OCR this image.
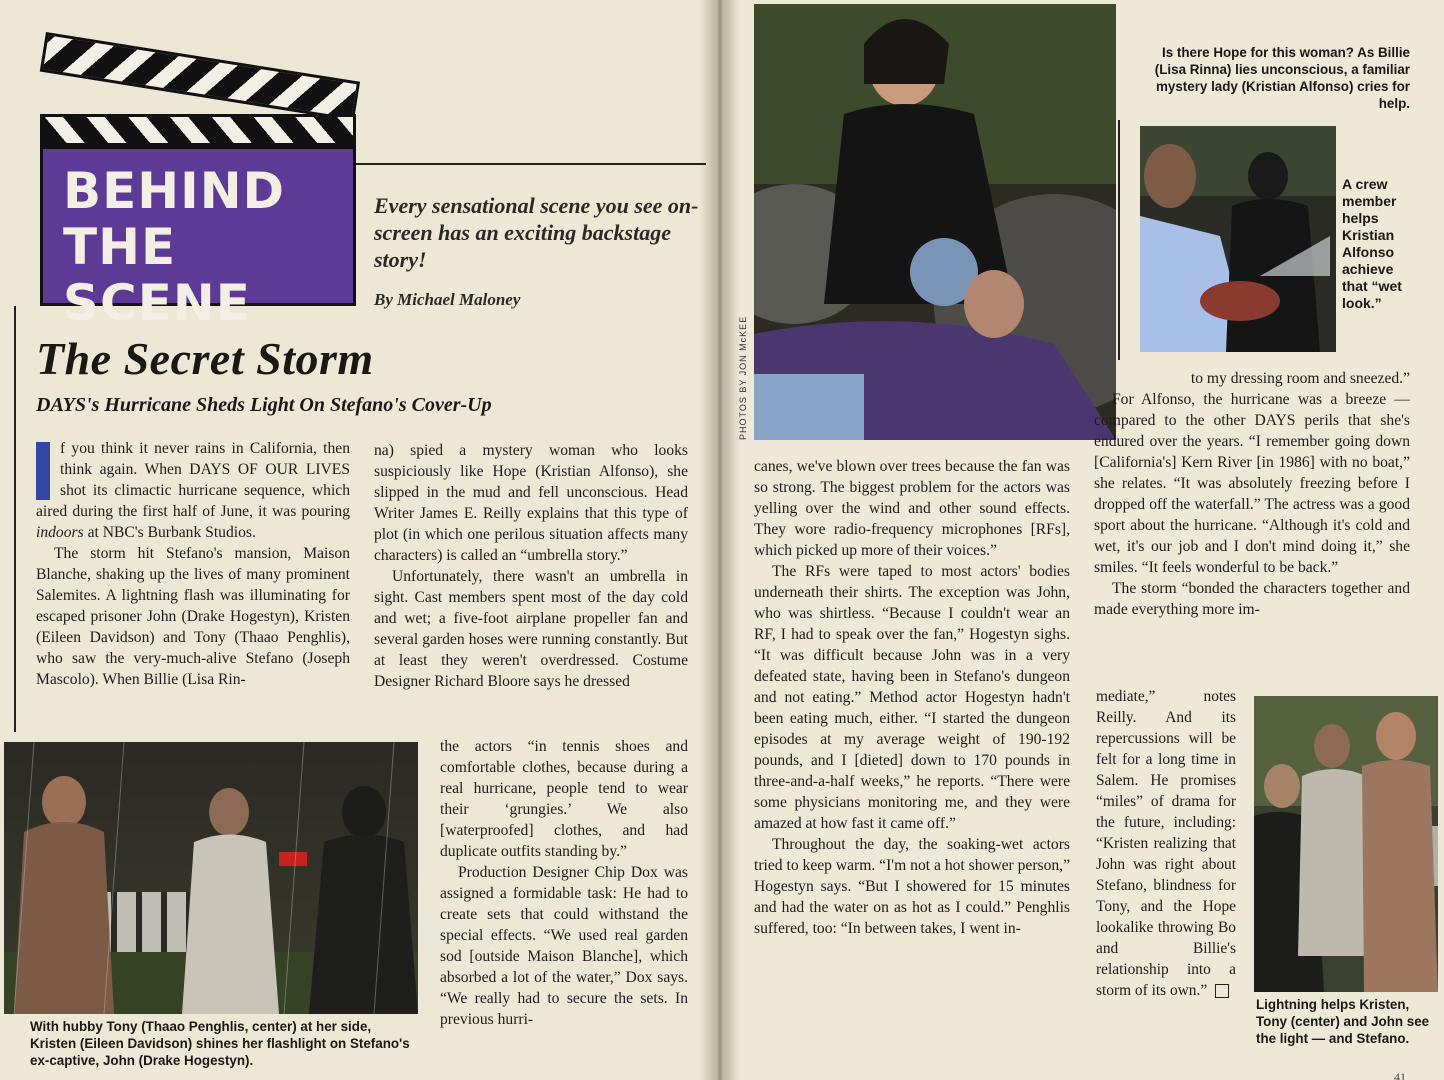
BEHIND
THE SCENE
Every sensational scene you see on-screen has an exciting backstage story!
By Michael Maloney
The Secret Storm
DAYS's Hurricane Sheds Light On Stefano's Cover-Up

f you think it never rains in California, then think again. When DAYS OF OUR LIVES shot its climactic hurricane sequence, which aired during the first half of June, it was pouring indoors at NBC's Burbank Studios.

The storm hit Stefano's mansion, Maison Blanche, shaking up the lives of many prominent Salemites. A lightning flash was illuminating for escaped prisoner John (Drake Hogestyn), Kristen (Eileen Davidson) and Tony (Thaao Penghlis), who saw the very-much-alive Stefano (Joseph Mascolo). When Billie (Lisa Rin-

na) spied a mystery woman who looks suspiciously like Hope (Kristian Alfonso), she slipped in the mud and fell unconscious. Head Writer James E. Reilly explains that this type of plot (in which one perilous situation affects many characters) is called an “umbrella story.”

Unfortunately, there wasn't an umbrella in sight. Cast members spent most of the day cold and wet; a five-foot airplane propeller fan and several garden hoses were running constantly. But at least they weren't overdressed. Costume Designer Richard Bloore says he dressed

the actors “in tennis shoes and comfortable clothes, because during a real hurricane, people tend to wear their ‘grungies.’ We also [waterproofed] clothes, and had duplicate outfits standing by.”

Production Designer Chip Dox was assigned a formidable task: He had to create sets that could withstand the special effects. “We used real garden sod [outside Maison Blanche], which absorbed a lot of the water,” Dox says. “We really had to secure the sets. In previous hurri-

With hubby Tony (Thaao Penghlis, center) at her side, Kristen (Eileen Davidson) shines her flashlight on Stefano's ex-captive, John (Drake Hogestyn).
PHOTOS BY JON McKEE
Is there Hope for this woman? As Billie (Lisa Rinna) lies unconscious, a familiar mystery lady (Kristian Alfonso) cries for help.
A crew member helps Kristian Alfonso achieve that “wet look.”

canes, we've blown over trees because the fan was so strong. The biggest problem for the actors was yelling over the wind and other sound effects. They wore radio-frequency microphones [RFs], which picked up more of their voices.”

The RFs were taped to most actors' bodies underneath their shirts. The exception was John, who was shirtless. “Because I couldn't wear an RF, I had to speak over the fan,” Hogestyn sighs. “It was difficult because John was in a very defeated state, having been in Stefano's dungeon and not eating.” Method actor Hogestyn hadn't been eating much, either. “I started the dungeon episodes at my average weight of 190-192 pounds, and I [dieted] down to 170 pounds in three-and-a-half weeks,” he reports. “There were some physicians monitoring me, and they were amazed at how fast it came off.”

Throughout the day, the soaking-wet actors tried to keep warm. “I'm not a hot shower person,” Hogestyn says. “But I showered for 15 minutes and had the water on as hot as I could.” Penghlis suffered, too: “In between takes, I went in-

to my dressing room and sneezed.”

For Alfonso, the hurricane was a breeze — compared to the other DAYS perils that she's endured over the years. “I remember going down [California's] Kern River [in 1986] with no boat,” she relates. “It was absolutely freezing before I dropped off the waterfall.” The actress was a good sport about the hurricane. “Although it's cold and wet, it's our job and I don't mind doing it,” she smiles. “It feels wonderful to be back.”

The storm “bonded the characters together and made everything more im-

mediate,” notes Reilly. And its repercussions will be felt for a long time in Salem. He promises “miles” of drama for the future, including: “Kristen realizing that John was right about Stefano, blindness for Tony, and the Hope lookalike throwing Bo and Billie's relationship into a storm of its own.”

Lightning helps Kristen, Tony (center) and John see the light — and Stefano.
41
